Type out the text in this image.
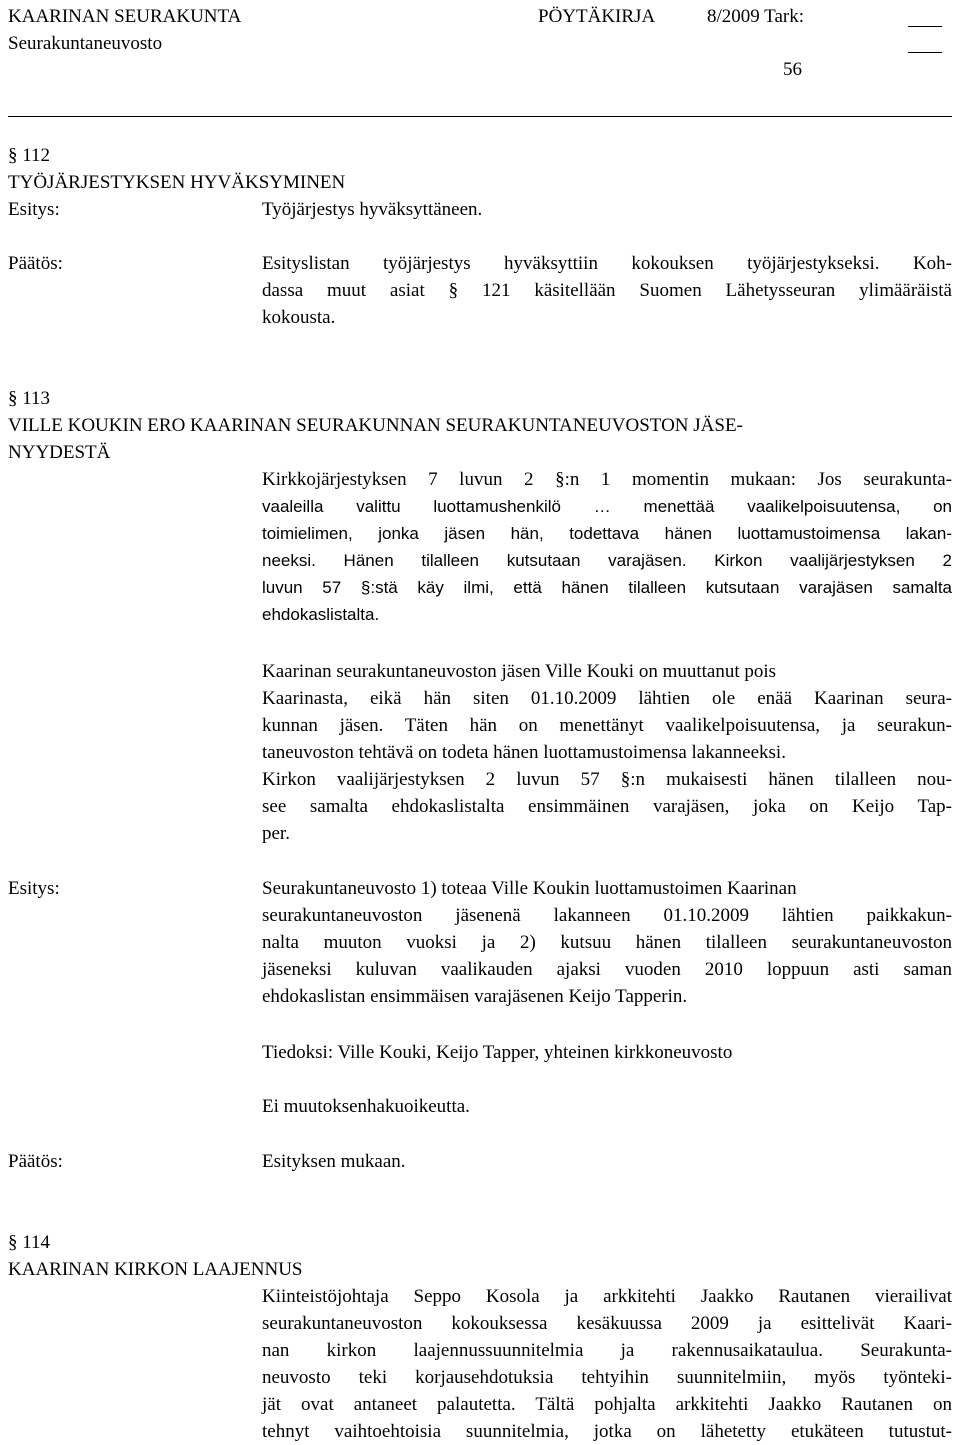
KAARINAN SEURAKUNTA	PÖYTÄKIRJA	8/2009 Tark:
Seurakuntaneuvosto
56
§ 112
TYÖJÄRJESTYKSEN HYVÄKSYMINEN
Esitys:	Työjärjestys hyväksyttäneen.
Päätös:	Esityslistan työjärjestys hyväksyttiin kokouksen työjärjestykseksi. Koh-
dassa muut asiat § 121 käsitellään Suomen Lähetysseuran ylimääräistä
kokousta.
§ 113
VILLE KOUKIN ERO KAARINAN SEURAKUNNAN SEURAKUNTANEUVOSTON JÄSE-
NYYDESTÄ
Kirkkojärjestyksen 7 luvun 2 §:n 1 momentin mukaan: Jos seurakunta-
vaaleilla valittu luottamushenkilö … menettää vaalikelpoisuutensa, on
toimielimen, jonka jäsen hän, todettava hänen luottamustoimensa lakan-
neeksi. Hänen tilalleen kutsutaan varajäsen. Kirkon vaalijärjestyksen 2
luvun 57 §:stä käy ilmi, että hänen tilalleen kutsutaan varajäsen samalta
ehdokaslistalta.
Kaarinan seurakuntaneuvoston jäsen Ville Kouki on muuttanut pois
Kaarinasta, eikä hän siten 01.10.2009 lähtien ole enää Kaarinan seura-
kunnan jäsen. Täten hän on menettänyt vaalikelpoisuutensa, ja seurakun-
taneuvoston tehtävä on todeta hänen luottamustoimensa lakanneeksi.
Kirkon vaalijärjestyksen 2 luvun 57 §:n mukaisesti hänen tilalleen nou-
see samalta ehdokaslistalta ensimmäinen varajäsen, joka on Keijo Tap-
per.
Esitys:	Seurakuntaneuvosto 1) toteaa Ville Koukin luottamustoimen Kaarinan
seurakuntaneuvoston jäsenenä lakanneen 01.10.2009 lähtien paikkakun-
nalta muuton vuoksi ja 2) kutsuu hänen tilalleen seurakuntaneuvoston
jäseneksi kuluvan vaalikauden ajaksi vuoden 2010 loppuun asti saman
ehdokaslistan ensimmäisen varajäsenen Keijo Tapperin.
Tiedoksi: Ville Kouki, Keijo Tapper, yhteinen kirkkoneuvosto
Ei muutoksenhakuoikeutta.
Päätös:	Esityksen mukaan.
§ 114
KAARINAN KIRKON LAAJENNUS
Kiinteistöjohtaja Seppo Kosola ja arkkitehti Jaakko Rautanen vierailivat
seurakuntaneuvoston kokouksessa kesäkuussa 2009 ja esittelivät Kaari-
nan kirkon laajennussuunnitelmia ja rakennusaikataulua. Seurakunta-
neuvosto teki korjausehdotuksia tehtyihin suunnitelmiin, myös työnteki-
jät ovat antaneet palautetta. Tältä pohjalta arkkitehti Jaakko Rautanen on
tehnyt vaihtoehtoisia suunnitelmia, jotka on lähetetty etukäteen tutustut-
